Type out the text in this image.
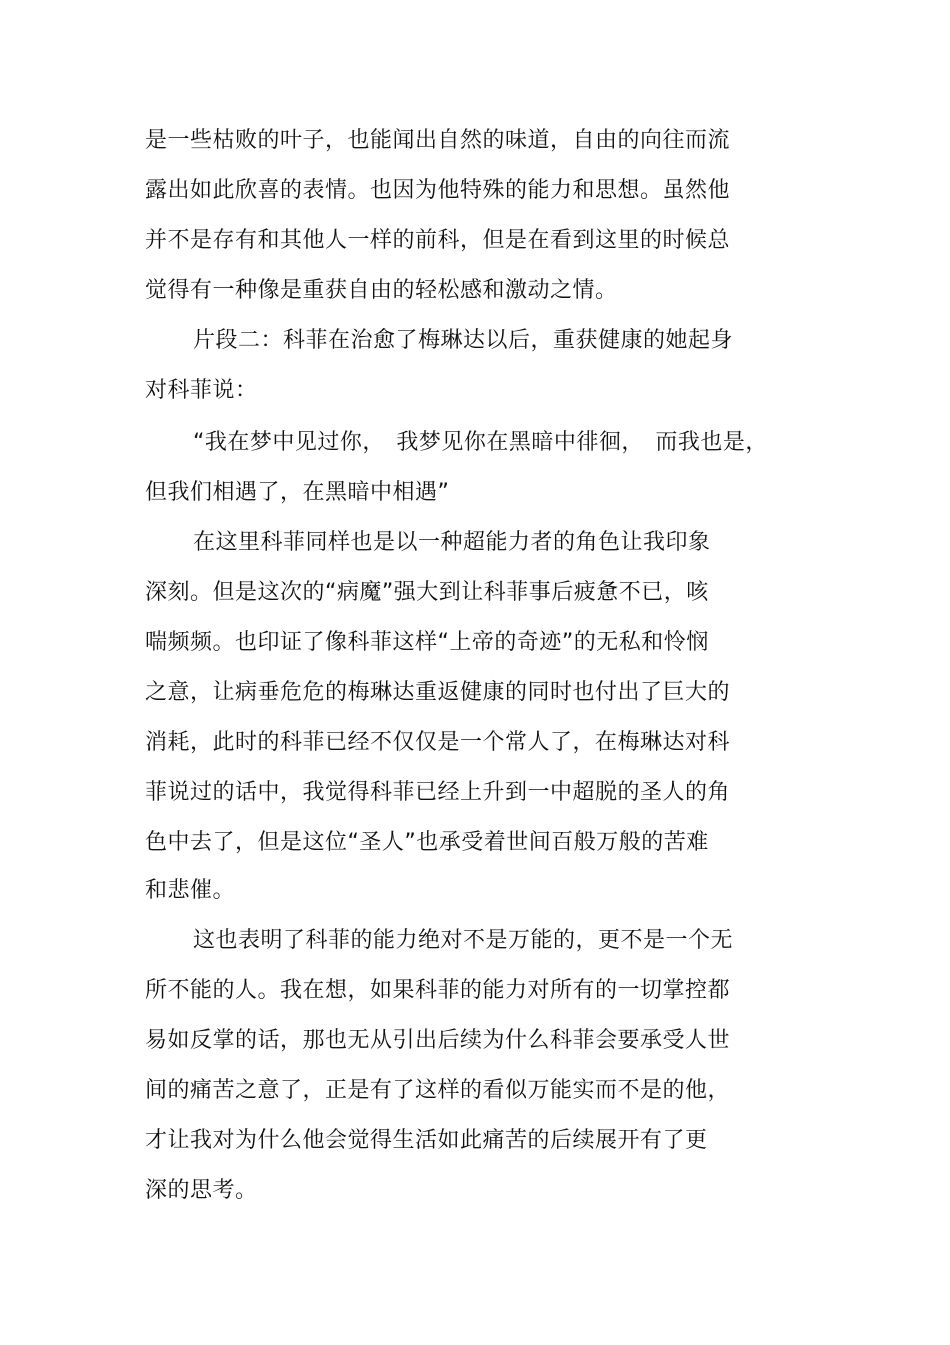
是一些枯败的叶子，也能闻出自然的味道，自由的向往而流
露出如此欣喜的表情。也因为他特殊的能力和思想。虽然他
并不是存有和其他人一样的前科，但是在看到这里的时候总
觉得有一种像是重获自由的轻松感和激动之情。
片段二：科菲在治愈了梅琳达以后，重获健康的她起身
对科菲说：
“我在梦中见过你，　我梦见你在黑暗中徘徊，　而我也是，
但我们相遇了，在黑暗中相遇”
在这里科菲同样也是以一种超能力者的角色让我印象
深刻。但是这次的“病魔”强大到让科菲事后疲惫不已，咳
喘频频。也印证了像科菲这样“上帝的奇迹”的无私和怜悯
之意，让病垂危危的梅琳达重返健康的同时也付出了巨大的
消耗，此时的科菲已经不仅仅是一个常人了，在梅琳达对科
菲说过的话中，我觉得科菲已经上升到一中超脱的圣人的角
色中去了，但是这位“圣人”也承受着世间百般万般的苦难
和悲催。
这也表明了科菲的能力绝对不是万能的，更不是一个无
所不能的人。我在想，如果科菲的能力对所有的一切掌控都
易如反掌的话，那也无从引出后续为什么科菲会要承受人世
间的痛苦之意了，正是有了这样的看似万能实而不是的他，
才让我对为什么他会觉得生活如此痛苦的后续展开有了更
深的思考。
